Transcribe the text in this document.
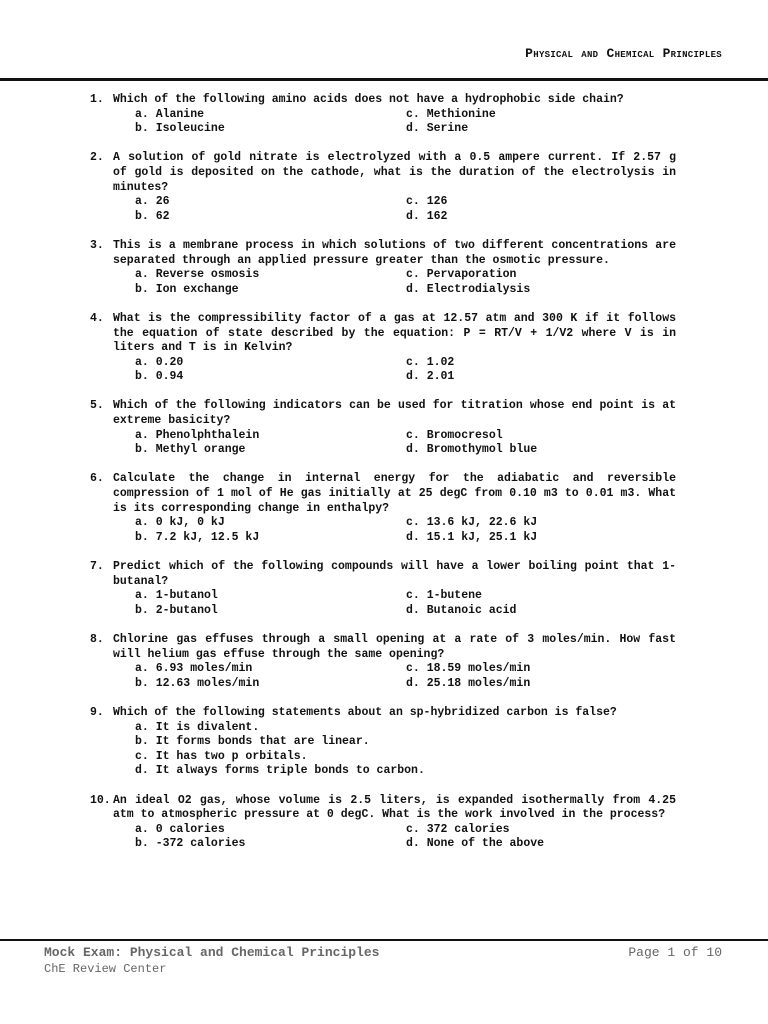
Physical and Chemical Principles
1. Which of the following amino acids does not have a hydrophobic side chain?
a. Alanine	c. Methionine
b. Isoleucine	d. Serine
2. A solution of gold nitrate is electrolyzed with a 0.5 ampere current. If 2.57 g of gold is deposited on the cathode, what is the duration of the electrolysis in minutes?
a. 26	c. 126
b. 62	d. 162
3. This is a membrane process in which solutions of two different concentrations are separated through an applied pressure greater than the osmotic pressure.
a. Reverse osmosis	c. Pervaporation
b. Ion exchange	d. Electrodialysis
4. What is the compressibility factor of a gas at 12.57 atm and 300 K if it follows the equation of state described by the equation: P = RT/V + 1/V2 where V is in liters and T is in Kelvin?
a. 0.20	c. 1.02
b. 0.94	d. 2.01
5. Which of the following indicators can be used for titration whose end point is at extreme basicity?
a. Phenolphthalein	c. Bromocresol
b. Methyl orange	d. Bromothymol blue
6. Calculate the change in internal energy for the adiabatic and reversible compression of 1 mol of He gas initially at 25 degC from 0.10 m3 to 0.01 m3. What is its corresponding change in enthalpy?
a. 0 kJ, 0 kJ	c. 13.6 kJ, 22.6 kJ
b. 7.2 kJ, 12.5 kJ	d. 15.1 kJ, 25.1 kJ
7. Predict which of the following compounds will have a lower boiling point that 1-butanal?
a. 1-butanol	c. 1-butene
b. 2-butanol	d. Butanoic acid
8. Chlorine gas effuses through a small opening at a rate of 3 moles/min. How fast will helium gas effuse through the same opening?
a. 6.93 moles/min	c. 18.59 moles/min
b. 12.63 moles/min	d. 25.18 moles/min
9. Which of the following statements about an sp-hybridized carbon is false?
a. It is divalent.
b. It forms bonds that are linear.
c. It has two p orbitals.
d. It always forms triple bonds to carbon.
10. An ideal O2 gas, whose volume is 2.5 liters, is expanded isothermally from 4.25 atm to atmospheric pressure at 0 degC. What is the work involved in the process?
a. 0 calories	c. 372 calories
b. -372 calories	d. None of the above
Mock Exam: Physical and Chemical Principles	Page 1 of 10
ChE Review Center
